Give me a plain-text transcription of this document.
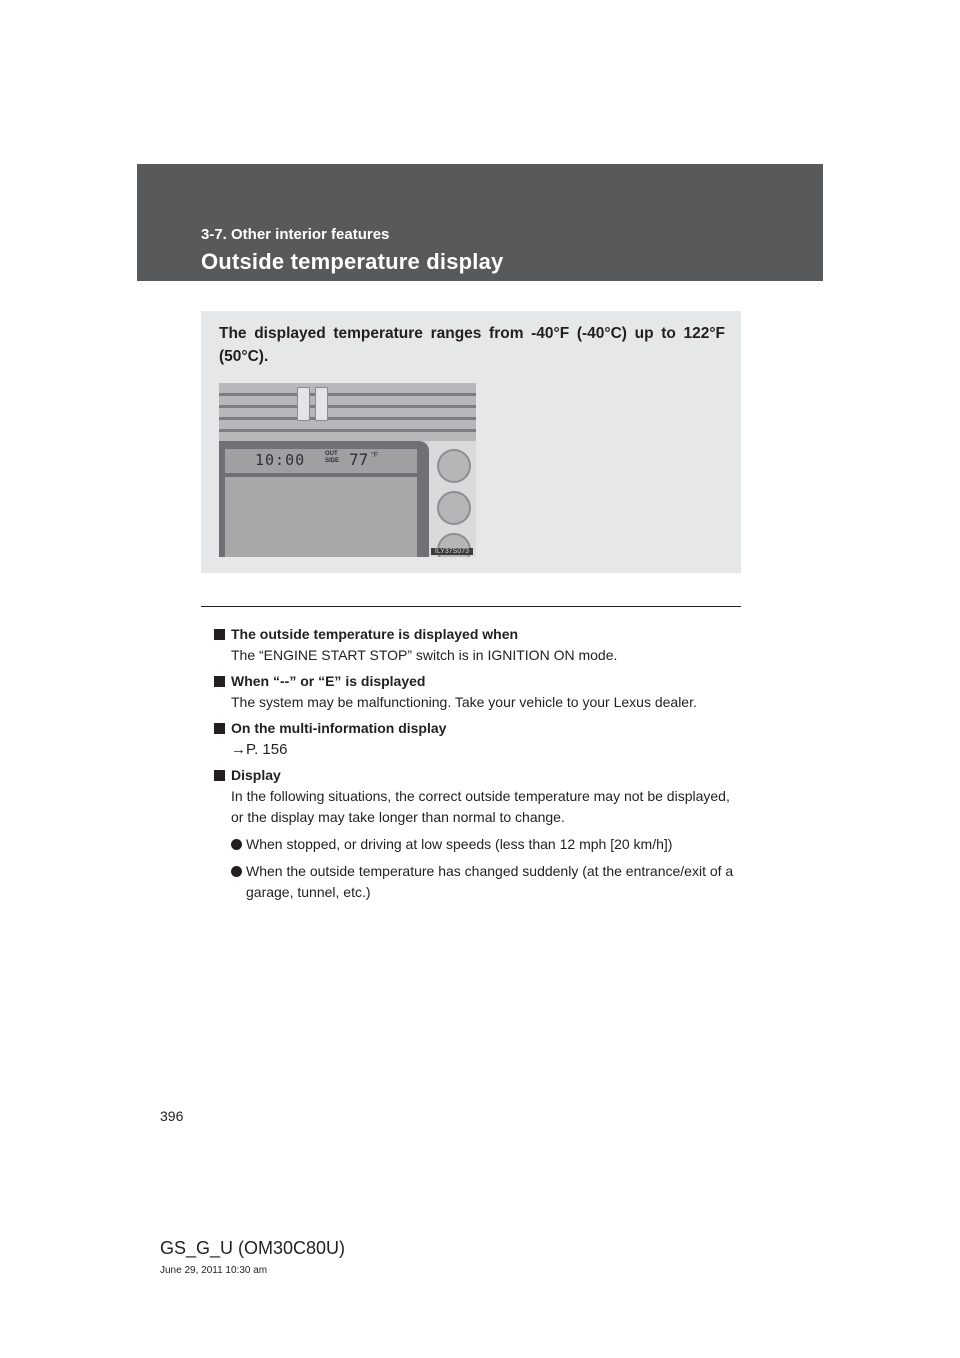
3-7. Other interior features
Outside temperature display
The displayed temperature ranges from -40°F (-40°C) up to 122°F (50°C).
10:00	OUT
SIDE 77 °F
ILY37S073
The outside temperature is displayed when
The “ENGINE START STOP” switch is in IGNITION ON mode.
When “--” or “E” is displayed
The system may be malfunctioning. Take your vehicle to your Lexus dealer.
On the multi-information display
→P. 156
Display
In the following situations, the correct outside temperature may not be displayed, or the display may take longer than normal to change.
When stopped, or driving at low speeds (less than 12 mph [20 km/h])
When the outside temperature has changed suddenly (at the entrance/exit of a garage, tunnel, etc.)
396
GS_G_U (OM30C80U)
June 29, 2011 10:30 am
